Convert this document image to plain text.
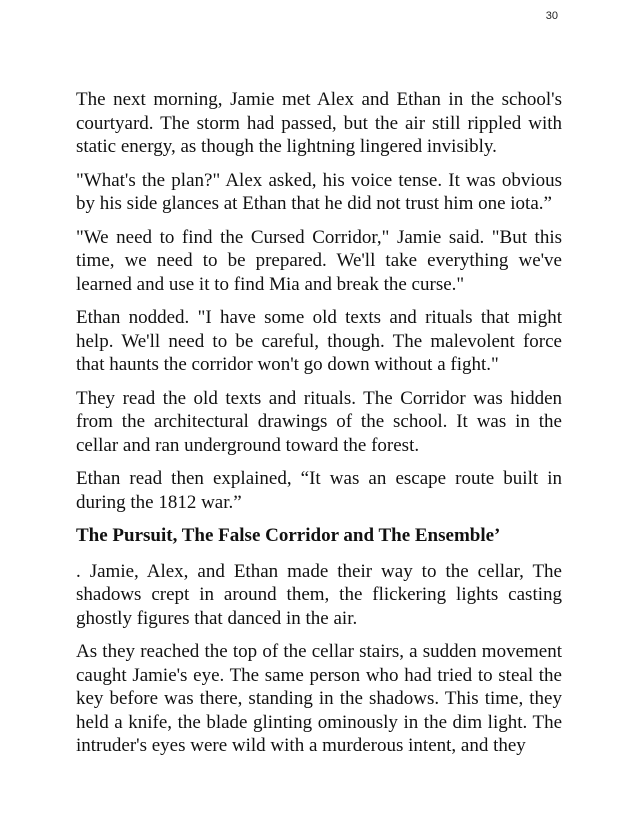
30

The next morning, Jamie met Alex and Ethan in the school's courtyard. The storm had passed, but the air still rippled with static energy, as though the lightning lingered invisibly.

"What's the plan?" Alex asked, his voice tense. It was obvious by his side glances at Ethan that he did not trust him one iota.”

"We need to find the Cursed Corridor," Jamie said. "But this time, we need to be prepared. We'll take everything we've learned and use it to find Mia and break the curse."

Ethan nodded. "I have some old texts and rituals that might help. We'll need to be careful, though. The malevolent force that haunts the corridor won't go down without a fight."

They read the old texts and rituals. The Corridor was hidden from the architectural drawings of the school. It was in the cellar and ran underground toward the forest.

Ethan read then explained, “It was an escape route built in during the 1812 war.”

The Pursuit, The False Corridor and The Ensemble’

. Jamie, Alex, and Ethan made their way to the cellar, The shadows crept in around them, the flickering lights casting ghostly figures that danced in the air.

As they reached the top of the cellar stairs, a sudden movement caught Jamie's eye. The same person who had tried to steal the key before was there, standing in the shadows. This time, they held a knife, the blade glinting ominously in the dim light. The intruder's eyes were wild with a murderous intent, and they
